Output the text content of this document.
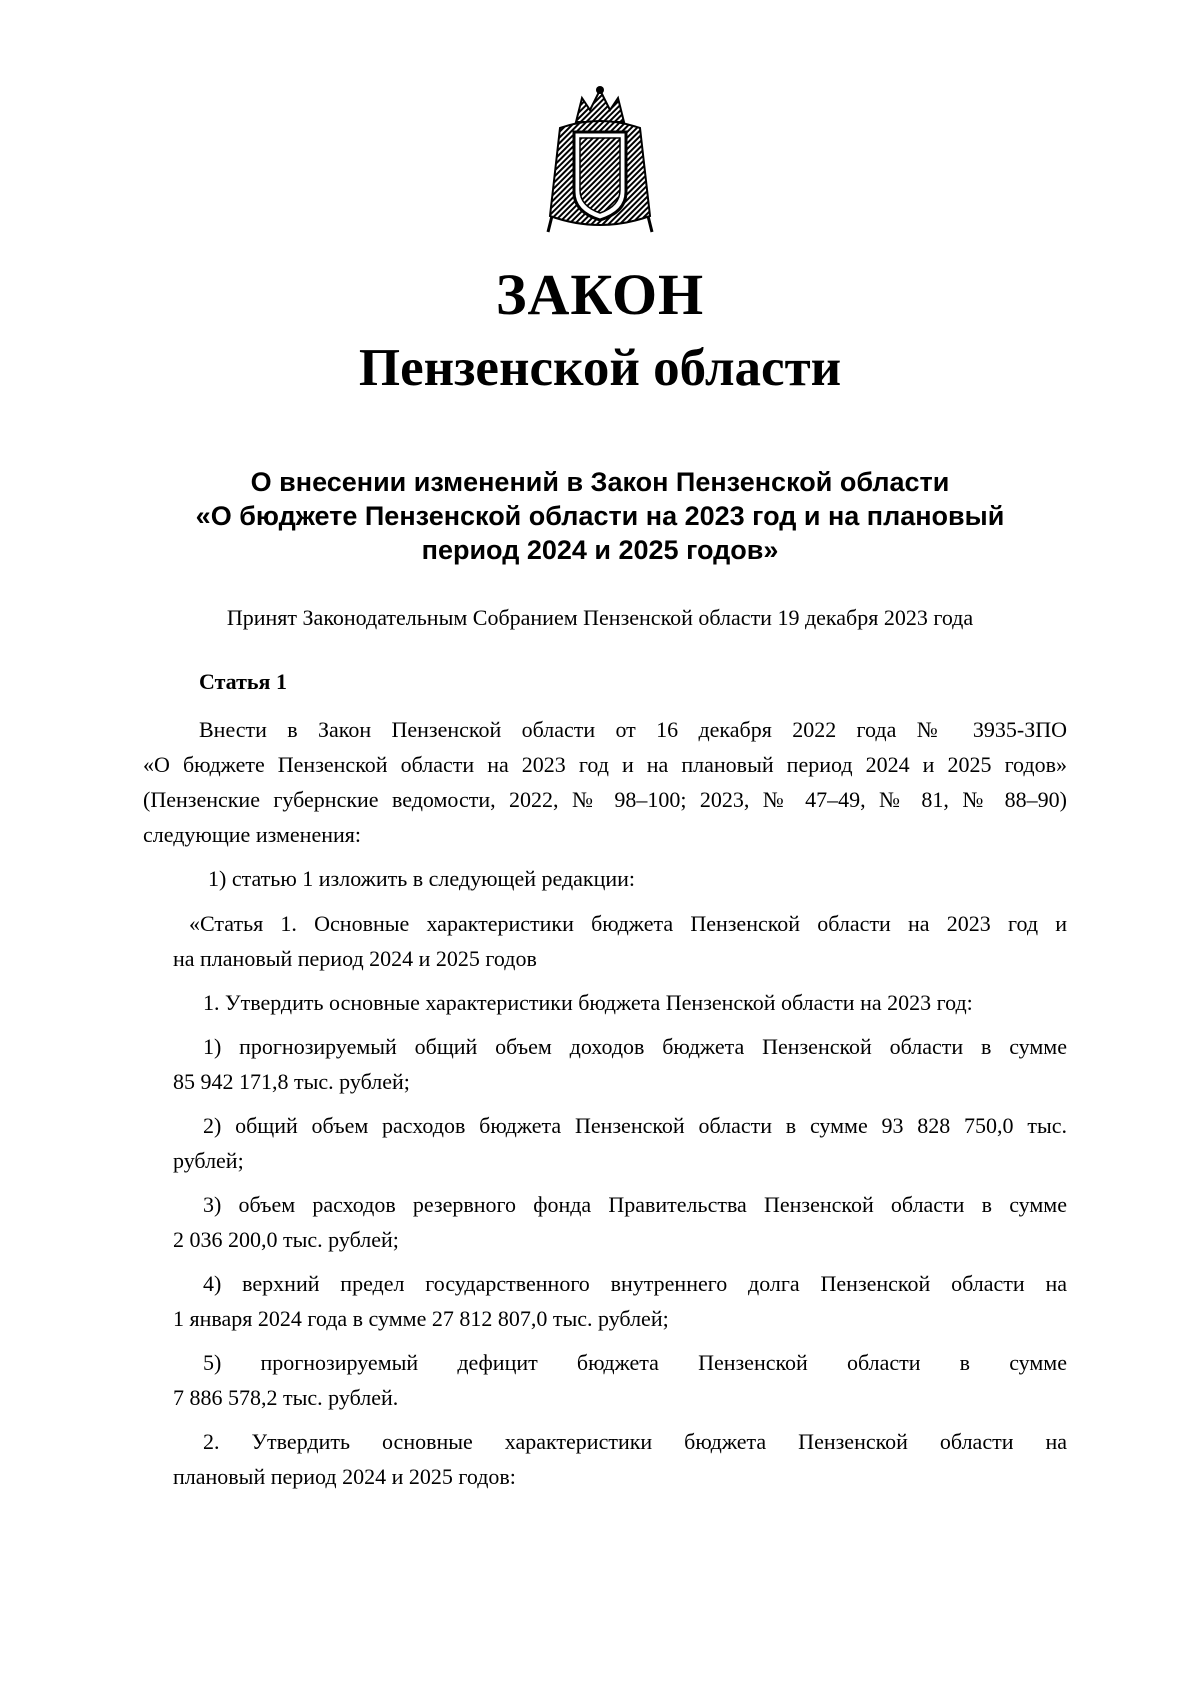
ЗАКОН
Пензенской области
О внесении изменений в Закон Пензенской области
«О бюджете Пензенской области на 2023 год и на плановый
период 2024 и 2025 годов»
Принят Законодательным Собранием Пензенской области 19 декабря 2023 года
Статья 1
Внести в Закон Пензенской области от 16 декабря 2022 года № 3935-ЗПО
«О бюджете Пензенской области на 2023 год и на плановый период 2024 и 2025 годов»
(Пензенские губернские ведомости, 2022, № 98–100; 2023, № 47–49, № 81, № 88–90)
следующие изменения:
1) статью 1 изложить в следующей редакции:
«Статья 1. Основные характеристики бюджета Пензенской области на 2023 год и
на плановый период 2024 и 2025 годов
1. Утвердить основные характеристики бюджета Пензенской области на 2023 год:
1) прогнозируемый общий объем доходов бюджета Пензенской области в сумме
85 942 171,8 тыс. рублей;
2) общий объем расходов бюджета Пензенской области в сумме 93 828 750,0 тыс.
рублей;
3) объем расходов резервного фонда Правительства Пензенской области в сумме
2 036 200,0 тыс. рублей;
4) верхний предел государственного внутреннего долга Пензенской области на
1 января 2024 года в сумме 27 812 807,0 тыс. рублей;
5) прогнозируемый дефицит бюджета Пензенской области в сумме
7 886 578,2 тыс. рублей.
2. Утвердить основные характеристики бюджета Пензенской области на
плановый период 2024 и 2025 годов:
